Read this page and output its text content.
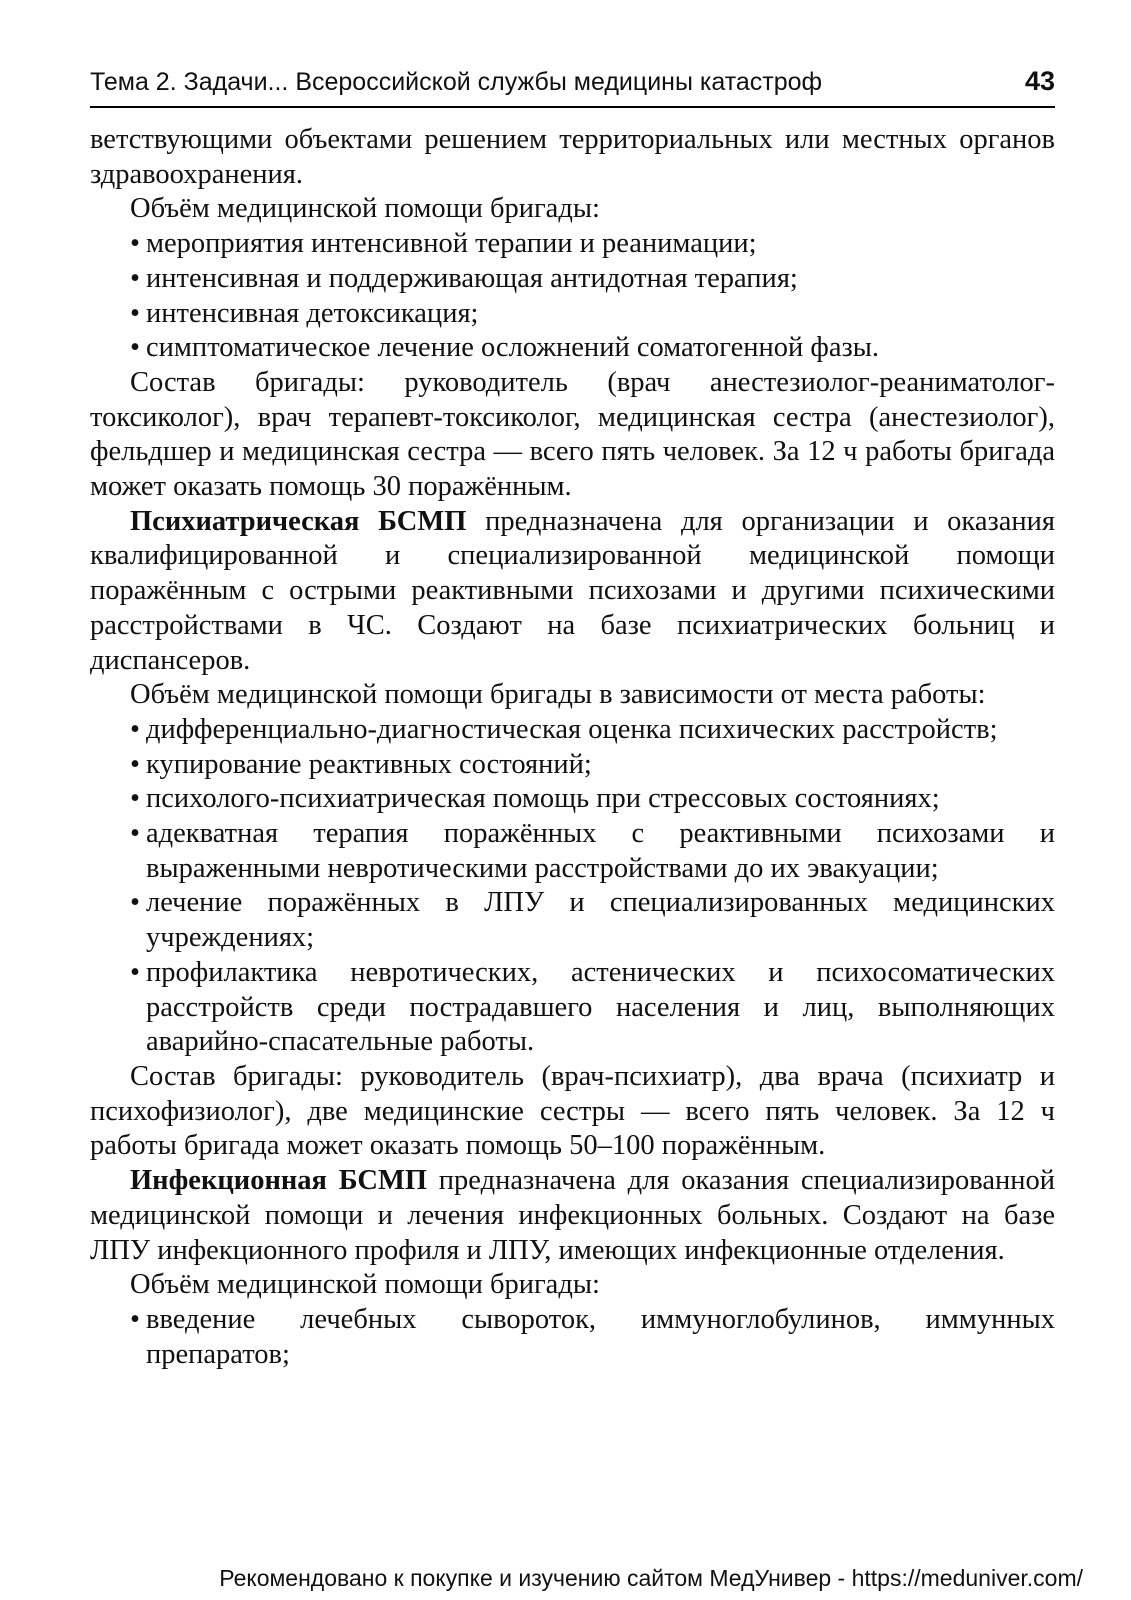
Тема 2. Задачи... Всероссийской службы медицины катастроф	43

ветствующими объектами решением территориальных или местных органов здравоохранения.

Объём медицинской помощи бригады:

• мероприятия интенсивной терапии и реанимации;
• интенсивная и поддерживающая антидотная терапия;
• интенсивная детоксикация;
• симптоматическое лечение осложнений соматогенной фазы.

Состав бригады: руководитель (врач анестезиолог-реаниматолог-токсиколог), врач терапевт-токсиколог, медицинская сестра (анестезиолог), фельдшер и медицинская сестра — всего пять человек. За 12 ч работы бригада может оказать помощь 30 поражённым.

Психиатрическая БСМП предназначена для организации и оказания квалифицированной и специализированной медицинской помощи поражённым с острыми реактивными психозами и другими психическими расстройствами в ЧС. Создают на базе психиатрических больниц и диспансеров.

Объём медицинской помощи бригады в зависимости от места работы:

• дифференциально-диагностическая оценка психических расстройств;
• купирование реактивных состояний;
• психолого-психиатрическая помощь при стрессовых состояниях;
• адекватная терапия поражённых с реактивными психозами и выраженными невротическими расстройствами до их эвакуации;
• лечение поражённых в ЛПУ и специализированных медицинских учреждениях;
• профилактика невротических, астенических и психосоматических расстройств среди пострадавшего населения и лиц, выполняющих аварийно-спасательные работы.

Состав бригады: руководитель (врач-психиатр), два врача (психиатр и психофизиолог), две медицинские сестры — всего пять человек. За 12 ч работы бригада может оказать помощь 50–100 поражённым.

Инфекционная БСМП предназначена для оказания специализированной медицинской помощи и лечения инфекционных больных. Создают на базе ЛПУ инфекционного профиля и ЛПУ, имеющих инфекционные отделения.

Объём медицинской помощи бригады:

• введение лечебных сывороток, иммуноглобулинов, иммунных препаратов;
Рекомендовано к покупке и изучению сайтом МедУнивер - https://meduniver.com/
